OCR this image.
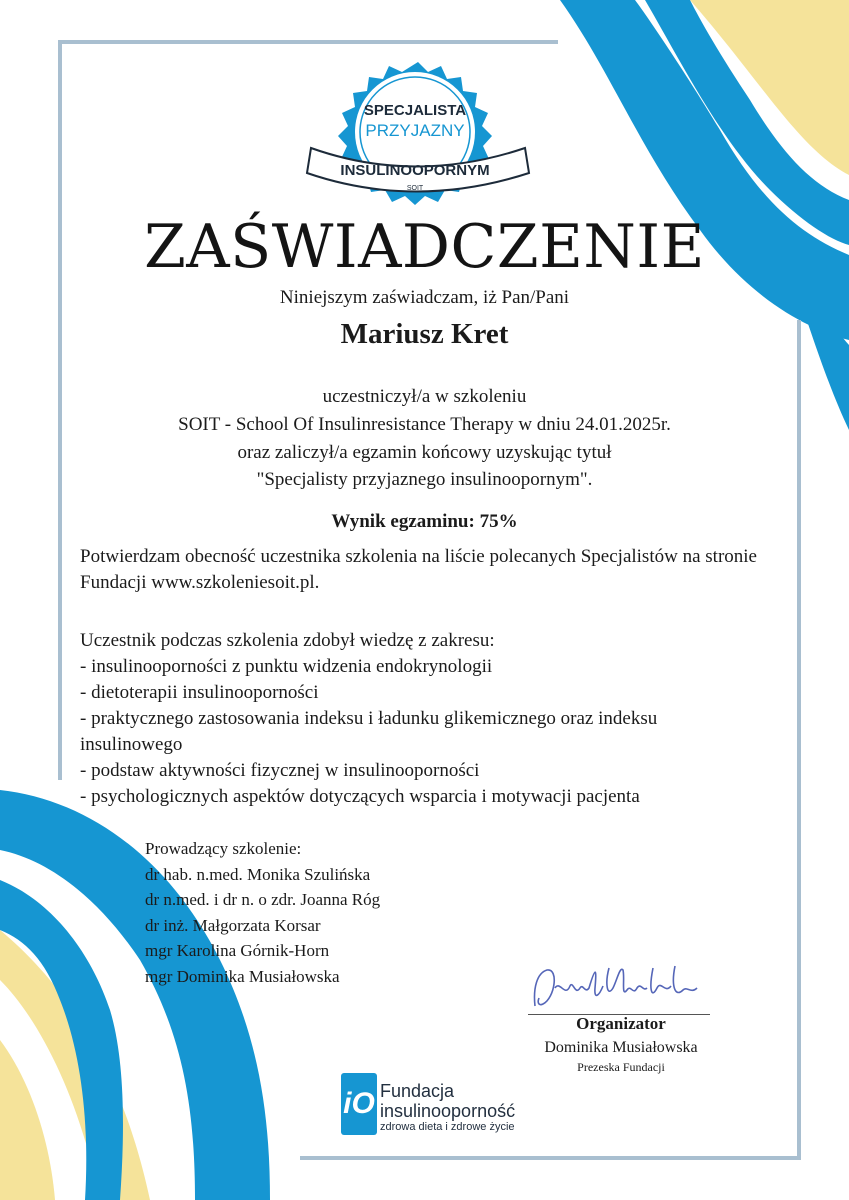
SPECJALISTA
PRZYJAZNY
INSULINOOPORNYM
SOIT
ZAŚWIADCZENIE
Niniejszym zaświadczam, iż Pan/Pani
Mariusz Kret
uczestniczył/a w szkoleniu
SOIT - School Of Insulinresistance Therapy w dniu 24.01.2025r.
oraz zaliczył/a egzamin końcowy uzyskując tytuł
"Specjalisty przyjaznego insulinoopornym".
Wynik egzaminu: 75%
Potwierdzam obecność uczestnika szkolenia na liście polecanych Specjalistów na stronie Fundacji www.szkoleniesoit.pl.
Uczestnik podczas szkolenia zdobył wiedzę z zakresu:
- insulinooporności z punktu widzenia endokrynologii
- dietoterapii insulinooporności
- praktycznego zastosowania indeksu i ładunku glikemicznego oraz indeksu insulinowego
- podstaw aktywności fizycznej w insulinooporności
- psychologicznych aspektów dotyczących wsparcia i motywacji pacjenta
Prowadzący szkolenie:
dr hab. n.med. Monika Szulińska
dr n.med. i dr n. o zdr. Joanna Róg
dr inż. Małgorzata Korsar
mgr Karolina Górnik-Horn
mgr Dominika Musiałowska
Organizator
Dominika Musiałowska
Prezeska Fundacji
iO Fundacja
insulinooporność
zdrowa dieta i zdrowe życie
